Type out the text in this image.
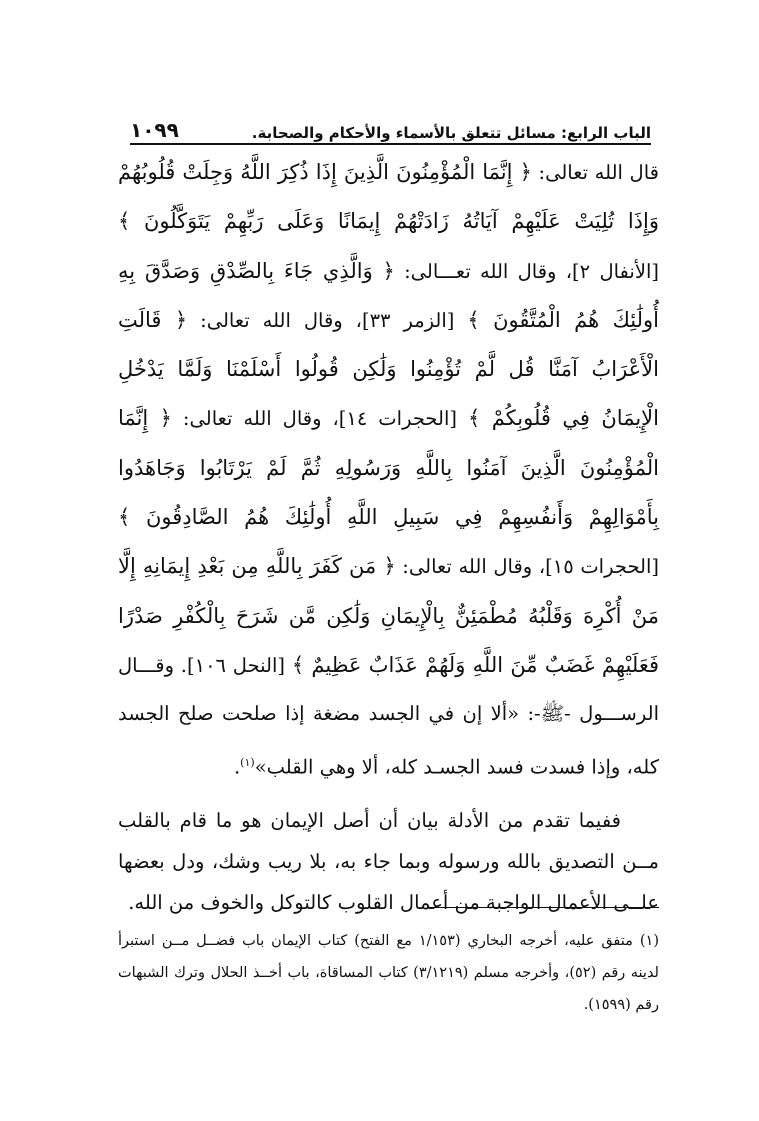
الباب الرابع: مسائل تتعلق بالأسماء والأحكام والصحابة.
١٠٩٩

قال الله تعالى: ﴿ إِنَّمَا الْمُؤْمِنُونَ الَّذِينَ إِذَا ذُكِرَ اللَّهُ وَجِلَتْ قُلُوبُهُمْ وَإِذَا تُلِيَتْ عَلَيْهِمْ آيَاتُهُ زَادَتْهُمْ إِيمَانًا وَعَلَى رَبِّهِمْ يَتَوَكَّلُونَ ﴾ [الأنفال ٢]، وقال الله تعـــالى: ﴿ وَالَّذِي جَاءَ بِالصِّدْقِ وَصَدَّقَ بِهِ أُولَٰئِكَ هُمُ الْمُتَّقُونَ ﴾ [الزمر ٣٣]، وقال الله تعالى: ﴿ قَالَتِ الْأَعْرَابُ آمَنَّا قُل لَّمْ تُؤْمِنُوا وَلَٰكِن قُولُوا أَسْلَمْنَا وَلَمَّا يَدْخُلِ الْإِيمَانُ فِي قُلُوبِكُمْ ﴾ [الحجرات ١٤]، وقال الله تعالى: ﴿ إِنَّمَا الْمُؤْمِنُونَ الَّذِينَ آمَنُوا بِاللَّهِ وَرَسُولِهِ ثُمَّ لَمْ يَرْتَابُوا وَجَاهَدُوا بِأَمْوَالِهِمْ وَأَنفُسِهِمْ فِي سَبِيلِ اللَّهِ أُولَٰئِكَ هُمُ الصَّادِقُونَ ﴾ [الحجرات ١٥]، وقال الله تعالى: ﴿ مَن كَفَرَ بِاللَّهِ مِن بَعْدِ إِيمَانِهِ إِلَّا مَنْ أُكْرِهَ وَقَلْبُهُ مُطْمَئِنٌّ بِالْإِيمَانِ وَلَٰكِن مَّن شَرَحَ بِالْكُفْرِ صَدْرًا فَعَلَيْهِمْ غَضَبٌ مِّنَ اللَّهِ وَلَهُمْ عَذَابٌ عَظِيمٌ ﴾ [النحل ١٠٦]. وقـــال الرســـول -ﷺ-: «ألا إن في الجسد مضغة إذا صلحت صلح الجسد كله، وإذا فسدت فسد الجسـد كله، ألا وهي القلب»$^{(١)}$.

ففيما تقدم من الأدلة بيان أن أصل الإيمان هو ما قام بالقلب مــن التصديق بالله ورسوله وبما جاء به، بلا ريب وشك، ودل بعضها علــى الأعمال الواجبة من أعمال القلوب كالتوكل والخوف من الله.

(١) متفق عليه، أخرجه البخاري (١/١٥٣ مع الفتح) كتاب الإيمان باب فضــل مــن استبرأ لدينه رقم (٥٢)، وأخرجه مسلم (٣/١٢١٩) كتاب المساقاة، باب أخــذ الحلال وترك الشبهات رقم (١٥٩٩).
